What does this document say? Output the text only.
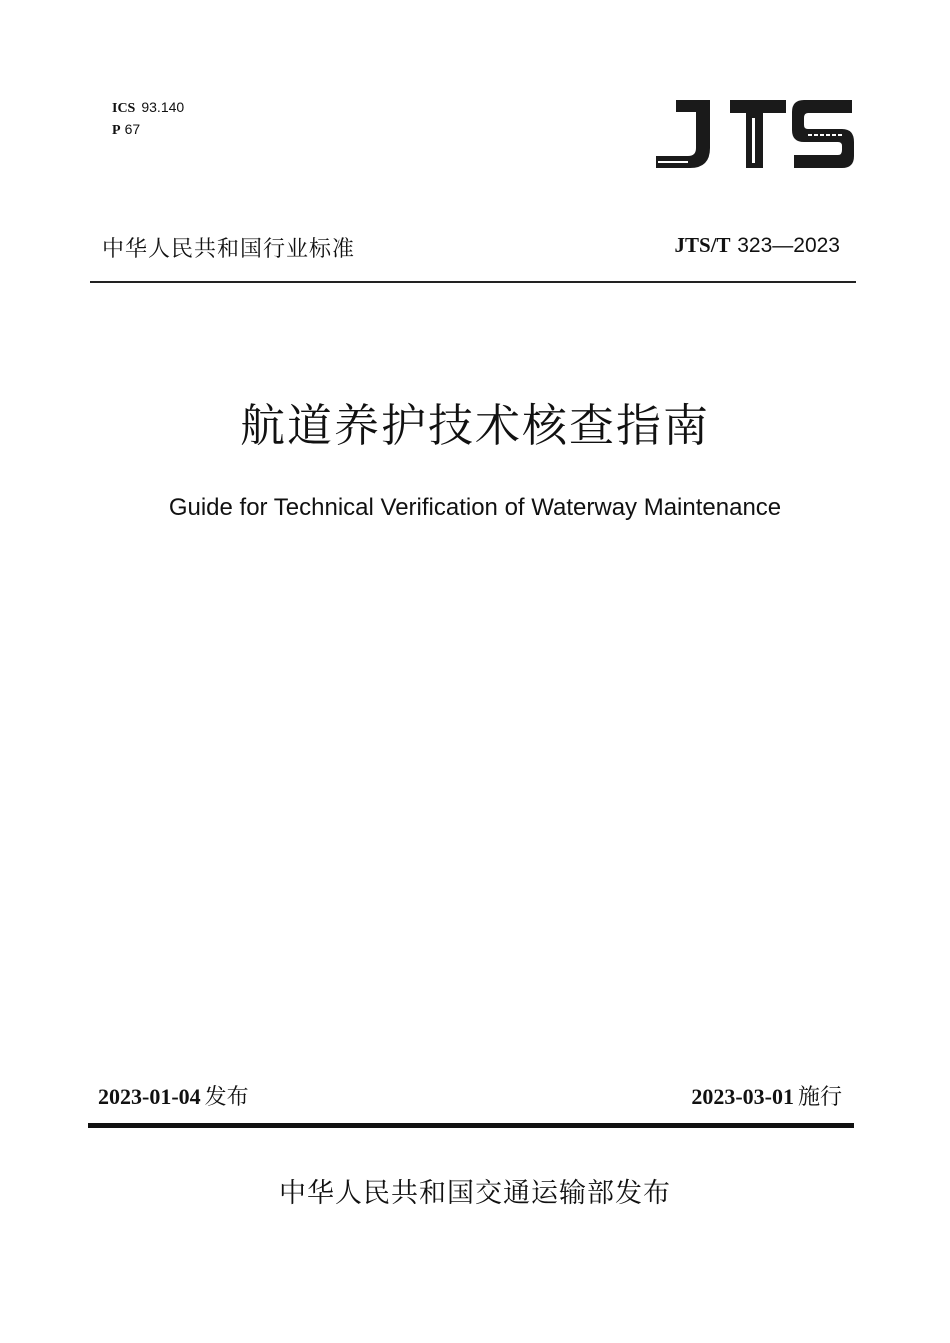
ICS 93.140
P 67
中华人民共和国行业标准	JTS/T 323—2023
航道养护技术核查指南
Guide for Technical Verification of Waterway Maintenance
2023-01-04 发布	2023-03-01 施行
中华人民共和国交通运输部发布
